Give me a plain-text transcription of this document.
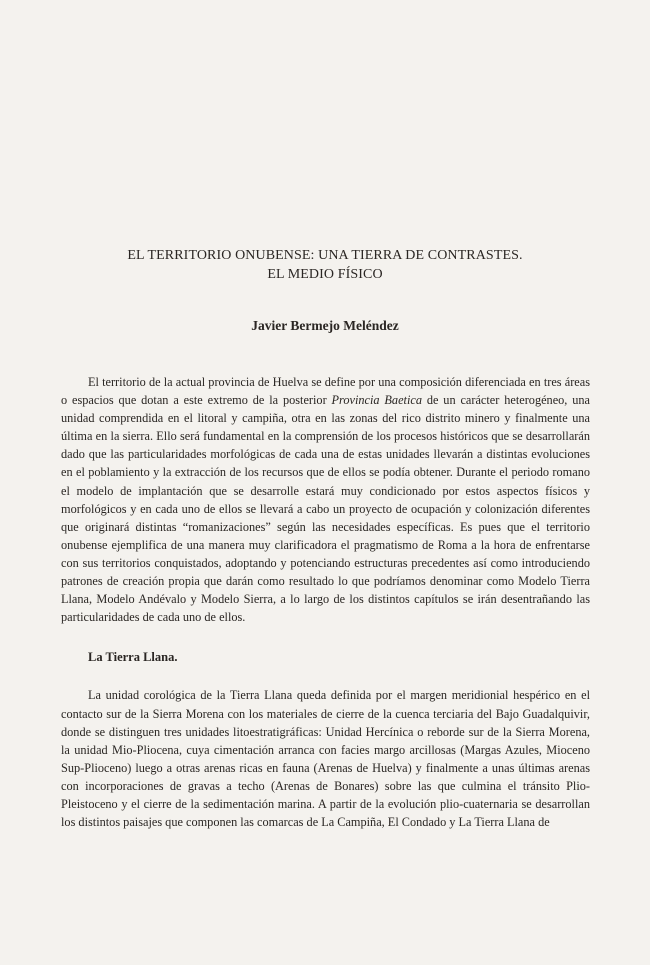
EL TERRITORIO ONUBENSE: UNA TIERRA DE CONTRASTES.
EL MEDIO FÍSICO
Javier Bermejo Meléndez

El territorio de la actual provincia de Huelva se define por una composición diferenciada en tres áreas o espacios que dotan a este extremo de la posterior Provincia Baetica de un carácter heterogéneo, una unidad comprendida en el litoral y campiña, otra en las zonas del rico distrito minero y finalmente una última en la sierra. Ello será fundamental en la comprensión de los procesos históricos que se desarrollarán dado que las particularidades morfológicas de cada una de estas unidades llevarán a distintas evoluciones en el poblamiento y la extracción de los recursos que de ellos se podía obtener. Durante el periodo romano el modelo de implantación que se desarrolle estará muy condicionado por estos aspectos físicos y morfológicos y en cada uno de ellos se llevará a cabo un proyecto de ocupación y colonización diferentes que originará distintas “romanizaciones” según las necesidades específicas. Es pues que el territorio onubense ejemplifica de una manera muy clarificadora el pragmatismo de Roma a la hora de enfrentarse con sus territorios conquistados, adoptando y potenciando estructuras precedentes así como introduciendo patrones de creación propia que darán como resultado lo que podríamos denominar como Modelo Tierra Llana, Modelo Andévalo y Modelo Sierra, a lo largo de los distintos capítulos se irán desentrañando las particularidades de cada uno de ellos.

La Tierra Llana.

La unidad corológica de la Tierra Llana queda definida por el margen meridionial hespérico en el contacto sur de la Sierra Morena con los materiales de cierre de la cuenca terciaria del Bajo Guadalquivir, donde se distinguen tres unidades litoestratigráficas: Unidad Hercínica o reborde sur de la Sierra Morena, la unidad Mio-Pliocena, cuya cimentación arranca con facies margo arcillosas (Margas Azules, Mioceno Sup-Plioceno) luego a otras arenas ricas en fauna (Arenas de Huelva) y finalmente a unas últimas arenas con incorporaciones de gravas a techo (Arenas de Bonares) sobre las que culmina el tránsito Plio-Pleistoceno y el cierre de la sedimentación marina. A partir de la evolución plio-cuaternaria se desarrollan los distintos paisajes que componen las comarcas de La Campiña, El Condado y La Tierra Llana de
